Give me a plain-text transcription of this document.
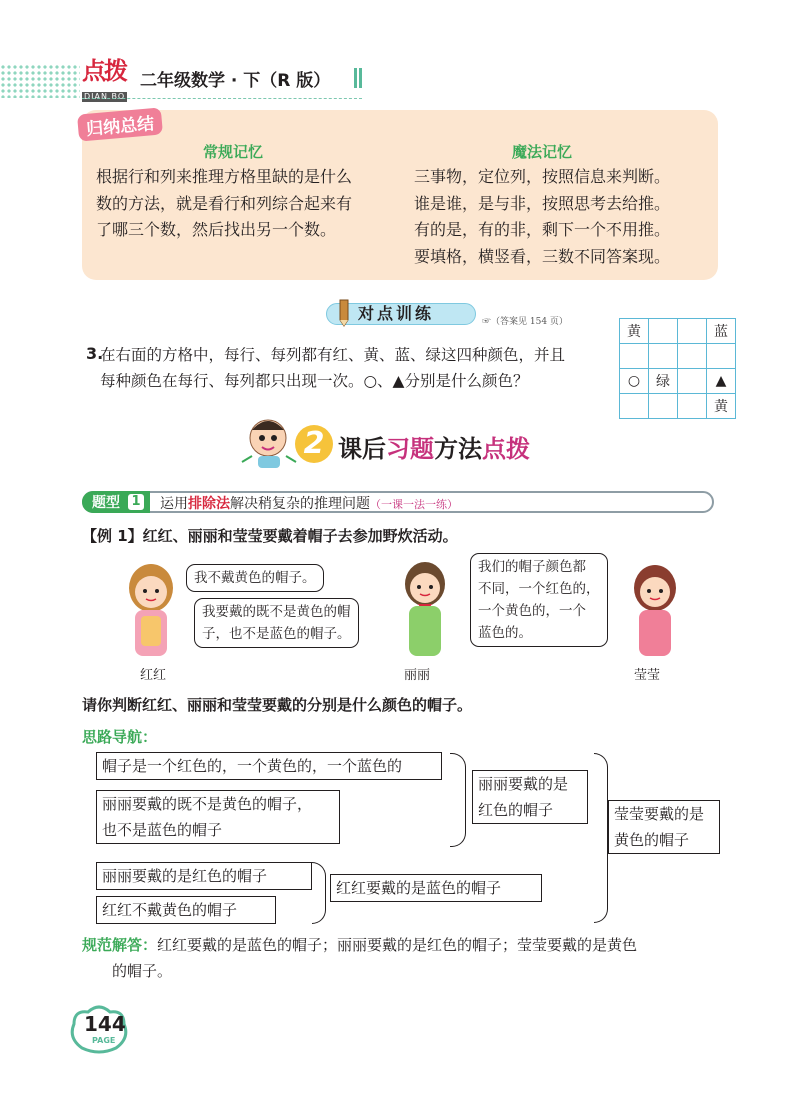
点拨
DIAN BO
二年级数学 · 下（R 版）
归纳总结
常规记忆
根据行和列来推理方格里缺的是什么
数的方法，就是看行和列综合起来有
了哪三个数，然后找出另一个数。
魔法记忆
三事物，定位列，按照信息来判断。
谁是谁，是与非，按照思考去给推。
有的是，有的非，剩下一个不用推。
要填格，横竖看，三数不同答案现。
对点训练	☞（答案见 154 页）
3.
在右面的方格中，每行、每列都有红、黄、蓝、绿这四种颜色，并且
每种颜色在每行、每列都只出现一次。○、▲分别是什么颜色？
黄			蓝

○	绿		▲
			黄
2 课后习题方法点拨
题型 1 运用排除法解决稍复杂的推理问题（一课一法一练）
【例 1】红红、丽丽和莹莹要戴着帽子去参加野炊活动。
我不戴黄色的帽子。
我要戴的既不是黄色的帽
子，也不是蓝色的帽子。
我们的帽子颜色都
不同，一个红色的，
一个黄色的，一个
蓝色的。
红红	丽丽	莹莹
请你判断红红、丽丽和莹莹要戴的分别是什么颜色的帽子。
思路导航：
帽子是一个红色的，一个黄色的，一个蓝色的
丽丽要戴的既不是黄色的帽子，
也不是蓝色的帽子
丽丽要戴的是
红色的帽子
丽丽要戴的是红色的帽子
红红不戴黄色的帽子
红红要戴的是蓝色的帽子
莹莹要戴的是
黄色的帽子
规范解答：红红要戴的是蓝色的帽子；丽丽要戴的是红色的帽子；莹莹要戴的是黄色
的帽子。
144
PAGE
